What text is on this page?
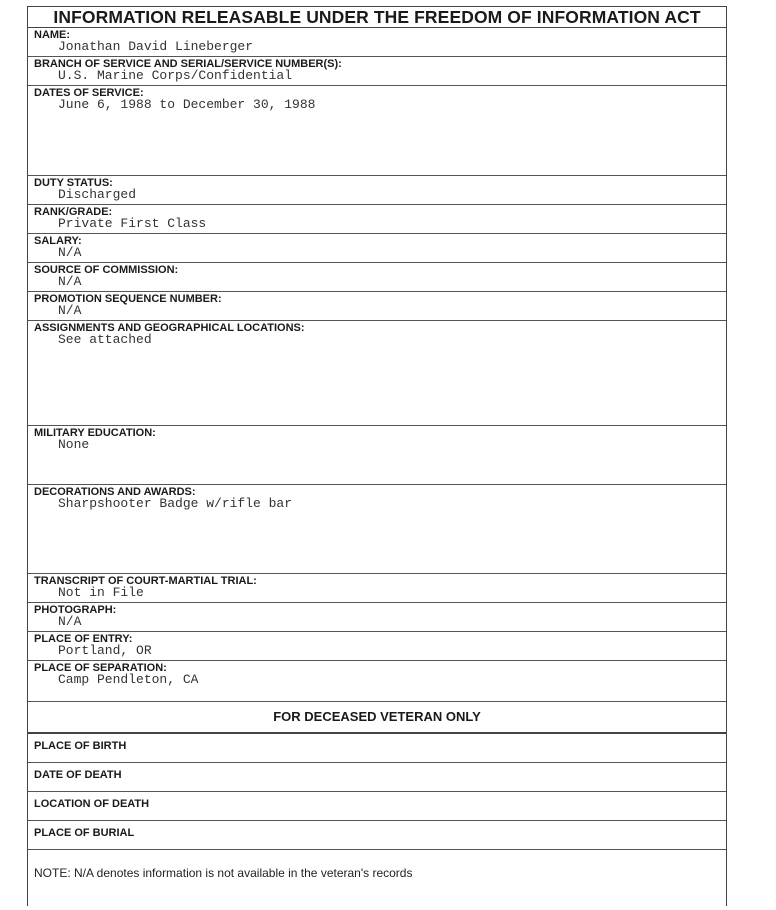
INFORMATION RELEASABLE UNDER THE FREEDOM OF INFORMATION ACT
NAME:
Jonathan David Lineberger
BRANCH OF SERVICE AND SERIAL/SERVICE NUMBER(S):
U.S. Marine Corps/Confidential
DATES OF SERVICE:
June 6, 1988 to December 30, 1988
DUTY STATUS:
Discharged
RANK/GRADE:
Private First Class
SALARY:
N/A
SOURCE OF COMMISSION:
N/A
PROMOTION SEQUENCE NUMBER:
N/A
ASSIGNMENTS AND GEOGRAPHICAL LOCATIONS:
See attached
MILITARY EDUCATION:
None
DECORATIONS AND AWARDS:
Sharpshooter Badge w/rifle bar
TRANSCRIPT OF COURT-MARTIAL TRIAL:
Not in File
PHOTOGRAPH:
N/A
PLACE OF ENTRY:
Portland, OR
PLACE OF SEPARATION:
Camp Pendleton, CA
FOR DECEASED VETERAN ONLY
PLACE OF BIRTH
DATE OF DEATH
LOCATION OF DEATH
PLACE OF BURIAL
NOTE: N/A denotes information is not available in the veteran's records
